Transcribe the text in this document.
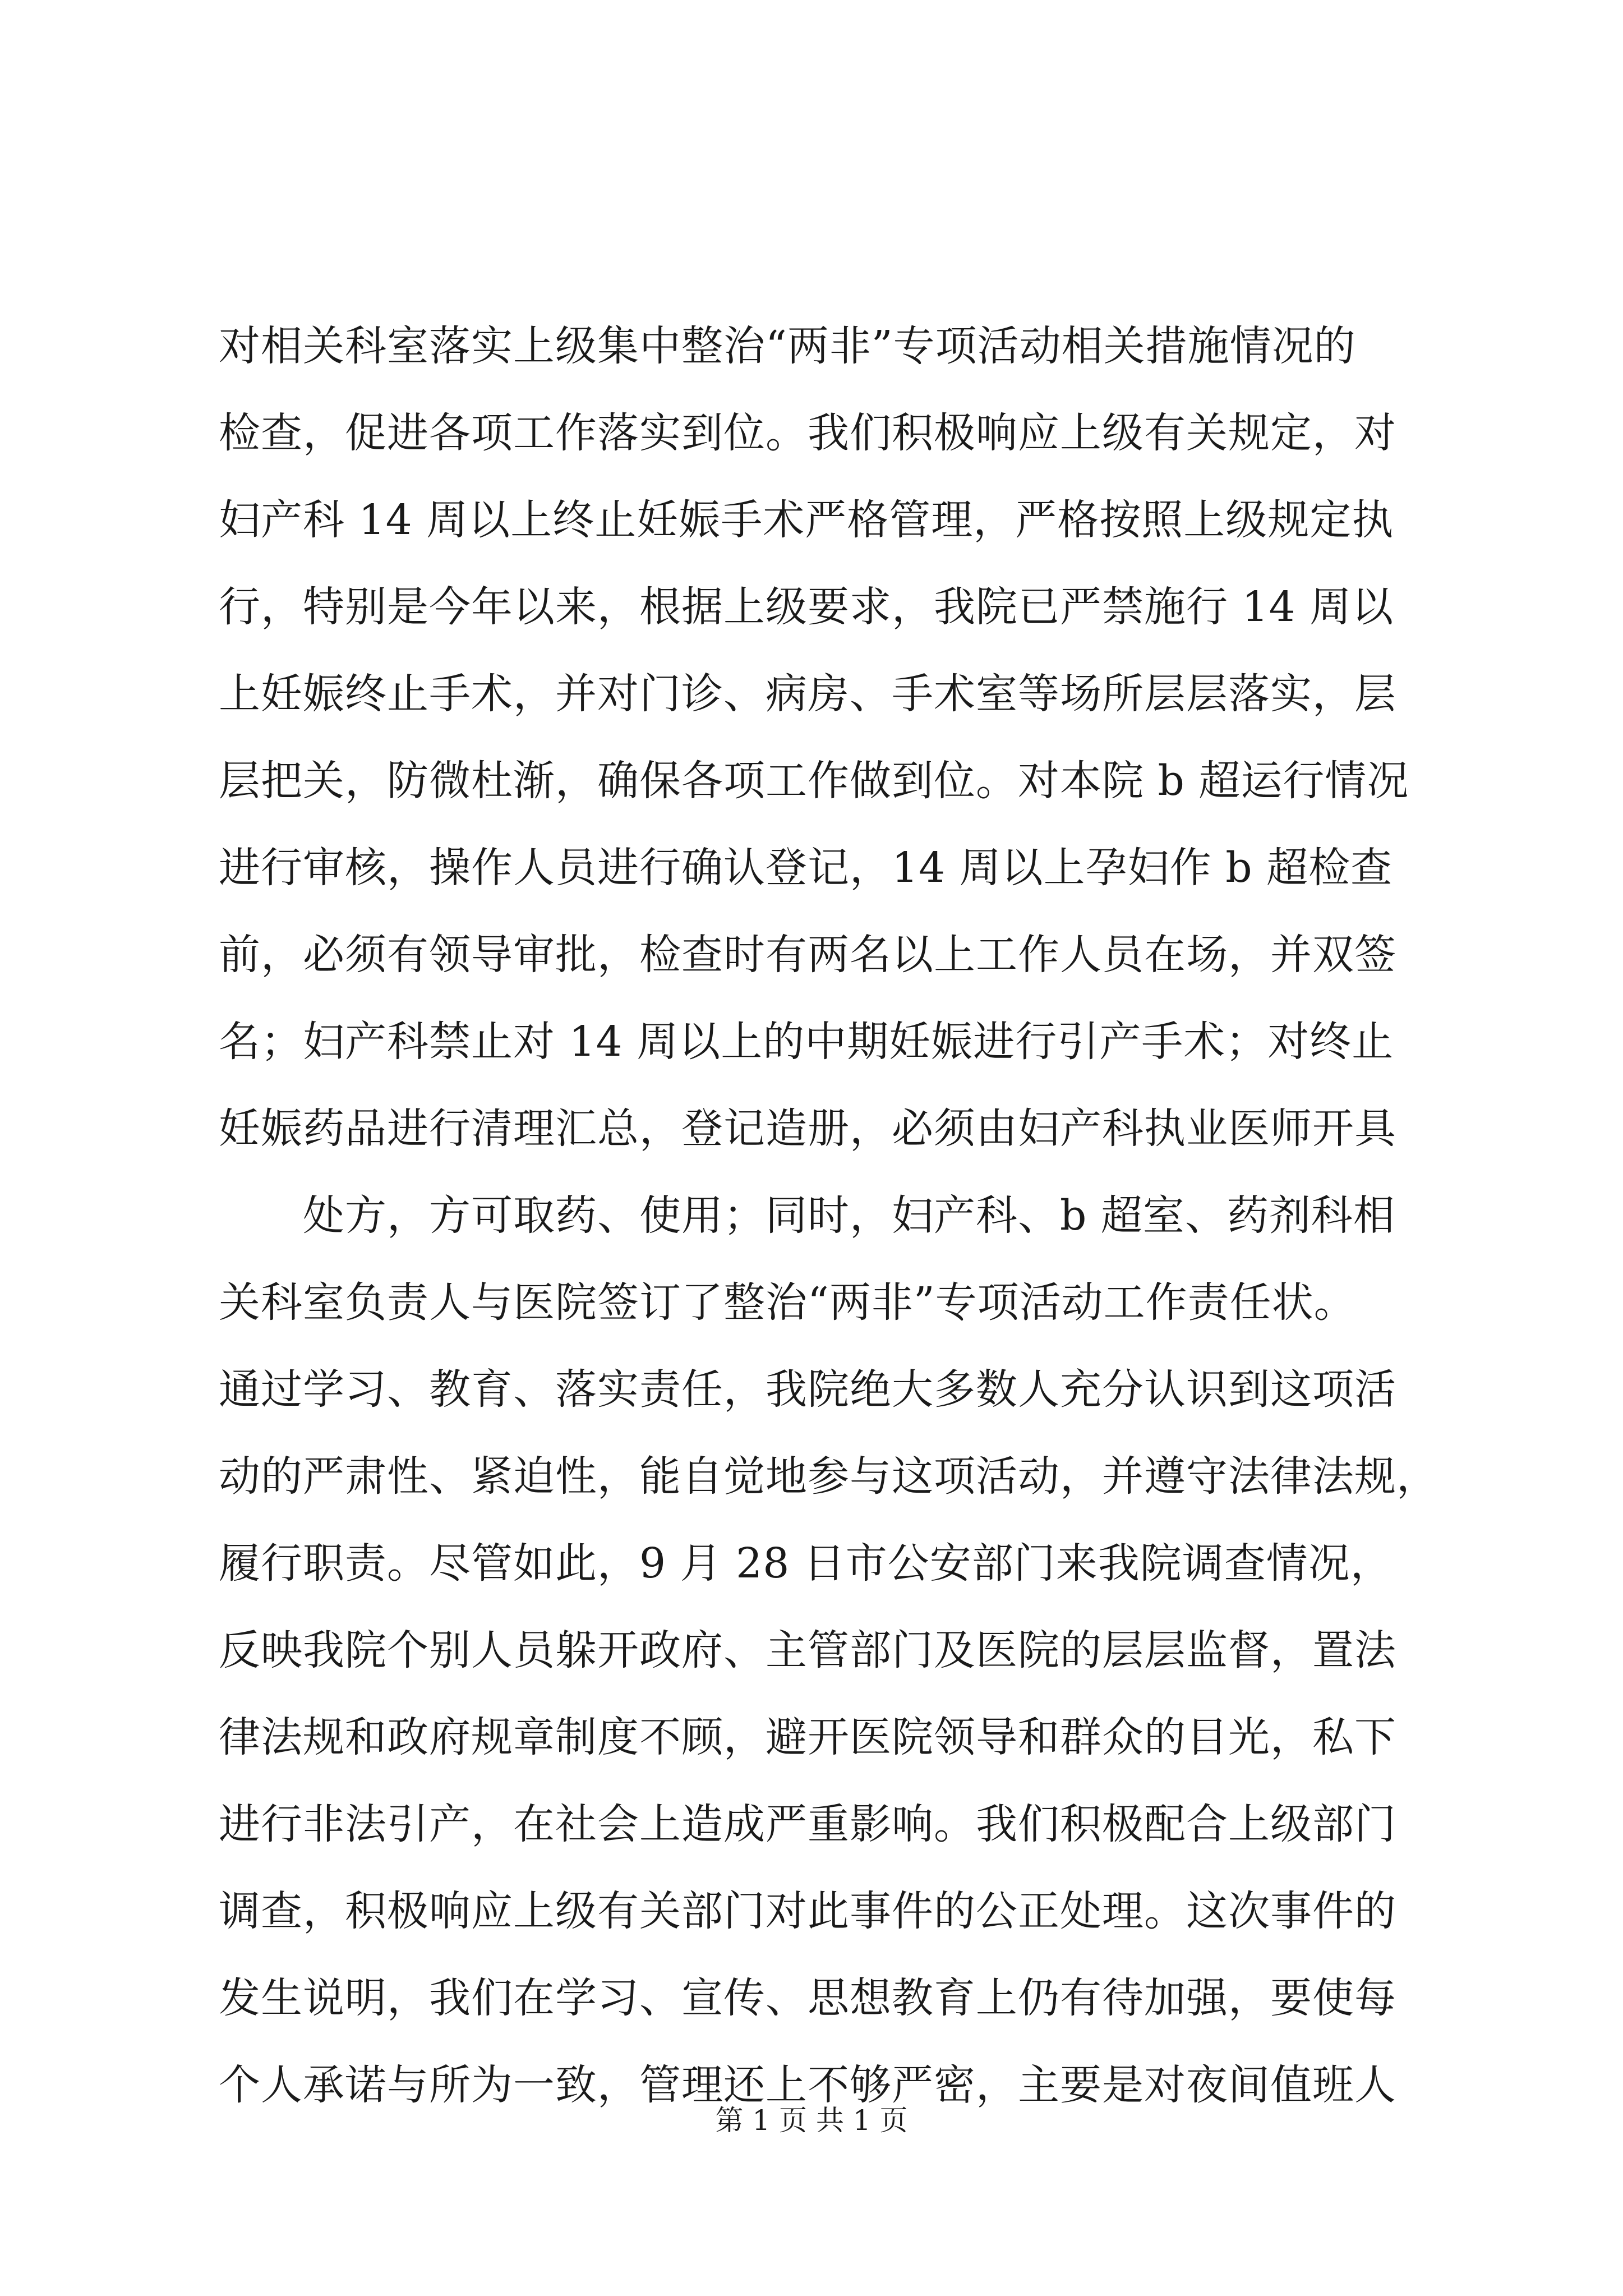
对相关科室落实上级集中整治“两非”专项活动相关措施情况的
检查，促进各项工作落实到位。我们积极响应上级有关规定，对
妇产科 14 周以上终止妊娠手术严格管理，严格按照上级规定执
行，特别是今年以来，根据上级要求，我院已严禁施行 14 周以
上妊娠终止手术，并对门诊、病房、手术室等场所层层落实，层
层把关，防微杜渐，确保各项工作做到位。对本院 b 超运行情况
进行审核，操作人员进行确认登记，14 周以上孕妇作 b 超检查
前，必须有领导审批，检查时有两名以上工作人员在场，并双签
名；妇产科禁止对 14 周以上的中期妊娠进行引产手术；对终止
妊娠药品进行清理汇总，登记造册，必须由妇产科执业医师开具
处方，方可取药、使用；同时，妇产科、b 超室、药剂科相
关科室负责人与医院签订了整治“两非”专项活动工作责任状。
通过学习、教育、落实责任，我院绝大多数人充分认识到这项活
动的严肃性、紧迫性，能自觉地参与这项活动，并遵守法律法规，
履行职责。尽管如此，9 月 28 日市公安部门来我院调查情况，
反映我院个别人员躲开政府、主管部门及医院的层层监督，置法
律法规和政府规章制度不顾，避开医院领导和群众的目光，私下
进行非法引产，在社会上造成严重影响。我们积极配合上级部门
调查，积极响应上级有关部门对此事件的公正处理。这次事件的
发生说明，我们在学习、宣传、思想教育上仍有待加强，要使每
个人承诺与所为一致，管理还上不够严密，主要是对夜间值班人
第 1 页 共 1 页
